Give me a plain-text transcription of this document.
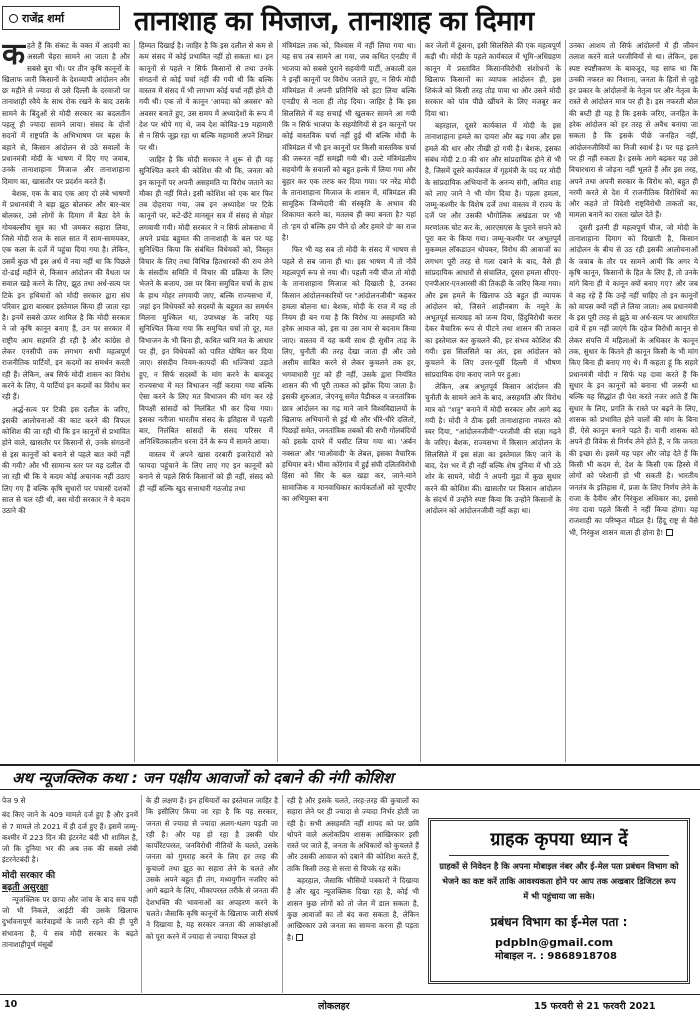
राजेंद्र शर्मा	तानाशाह का मिजाज, तानाशाह का दिमाग

कहते हैं कि संकट के वक्त में आदमी का असली चेहरा सामने आ जाता है और सबसे बुरा भी। पर तीन कृषि कानूनों के खिलाफ जारी किसानों के देशव्यापी आंदोलन और छः महीने से ज्यादा से उसे दिल्ली के दरवाजों पर तानाशाही रवैये के साथ रोक रखने के बाद उसके सामने के बिंदुओं से मोदी सरकार का बदलतीन पहलू ही ज्यादा सामने लाया। संसद के दोनों सदनों में राष्ट्रपति के अभिभाषण पर बहस के बहाने से, किसान आंदोलन से उठे सवालों के प्रधानमंत्री मोदी के भाषण में दिए गए जवाब, उनके तानाशाहाना मिजाज और तानाशाहाना दिमाग का, खासतौर पर प्रदर्शन करते हैं।

बेशक, एक के बाद एक आए दो लंबे भाषणों में प्रधानमंत्री ने बड़ा झूठ बोलकर और बार-बार बोलकर, उसे लोगों के दिमाग में बैठा देने के गोयबल्सीय सूत्र का भी जमकर सहारा लिया, जिसे मोदी राज के साल सात में साम-सामयकर, एक कला के दर्जे में पहुंचा दिया गया है। लेकिन, उसमें कुछ भी इस अर्थ में नया नहीं था कि पिछले दो-ढाई महीने से, किसान आंदोलन की वैधता पर सवाल खड़े करने के लिए, झूठ तथा अर्ध-सत्य पर टिके इन हथियारों को मोदी सरकार द्वारा संघ परिवार द्वारा बारबार इस्तेमाल किया ही जाता रहा है। इनमें सबसे ऊपर शामिल है कि मोदी सरकार ने जो कृषि कानून बनाए हैं, उन पर सरकार में राष्ट्रीय आम सहमति ही रही है और कांग्रेस से लेकर एनसीपी तक लगभग सभी महत्वपूर्ण राजनीतिक पार्टियों, इन कदमों का समर्थन करती रही हैं। लेकिन, अब सिर्फ मोदी शासन का विरोध करने के लिए, ये पार्टियां इन कदमों का विरोध कर रही हैं।

अर्द्ध-सत्य पर टिकी इस दलील के जरिए, इसकी आलोचनाओं की काट करने की विफल कोशिश की जा रही थी कि इन कानूनों से प्रभावित होने वाले, खासतौर पर किसानों से, उनके संगठनों से इस कानूनों को बनाने से पहले बात क्यों नहीं की गयी? और भी सामान्य स्तर पर यह दलील दी जा रही थी कि ये कदम कोई अचानक नहीं उठाए लिए गए हैं बल्कि कृषि सुधारों पर पचासों दशकों साल से चल रही थी, बस मोदी सरकार ने ये कदम उठाने की

हिम्मत दिखाई है। जाहिर है कि इस दलील से कम से कम संसद में कोई प्रभावित नहीं हो सकता था। इन कानूनों से पहले न सिर्फ किसानों से तथा उनके संगठनों से कोई चर्चा नहीं की गयी थी कि बल्कि वास्तव में संसद में भी लगभग कोई चर्चा नहीं होने दी गयी थी। एक तो ये कानून 'आपदा को अवसर' को अवसर बनाते हुए, उस समय में अध्यादेशों के रूप में देश पर थोपे गए थे, जब देश कोविड-19 महामारी से न सिर्फ जूझ रहा था बल्कि महामारी अपने शिखर पर थी।

जाहिर है कि मोदी सरकार ने शुरू से ही यह सुनिश्चित करने की कोशिश की थी कि, जनता को इन कानूनों पर अपनी असहमति या विरोध जताने का मौका ही नहीं मिले। इसी कोशिश को एक बार फिर तब दोहराया गया, जब इन अध्यादेश पर टिके कानूनों पर, कटे-छँटे मानसून सत्र में संसद से मोहर लगवायी गयी। मोदी सरकार ने न सिर्फ लोकसभा में अपने प्रचंड बहुमत की तानाशाही के बल पर यह सुनिश्चित किया कि संबंधित विधेयकों को, विस्तृत विचार के लिए तथा विभिन्न हितधारकों की राय लेने के संसदीय समिति में विचार की प्रक्रिया के लिए भेजने के बजाय, उस पर बिना समुचित चर्चा के हाथ के हाथ मोहर लगवायी जाए, बल्कि राज्यसभा में, जहां इन विधेयकों को सदस्यों के बहुमत का समर्थन मिलना मुश्किल था, उपाध्यक्ष के जरिए यह सुनिश्चित किया गया कि समुचित चर्चा तो दूर, मत विभाजन के भी बिना ही, कथित ध्वनि मत के आधार पर ही, इन विधेयकों को पारित घोषित कर दिया जाए। संसदीय नियम-कायदों की धज्जियां उड़ाते हुए, न सिर्फ सदस्यों के मांग करने के बावजूद राज्यसभा में मत विभाजन नहीं कराया गया बल्कि ऐसा करने के लिए मत विभाजन की मांग कर रहे विपक्षी सांसदों को निलंबित भी कर दिया गया। इसका नतीजा भारतीय संसद के इतिहास में पहली बार, निलंबित सांसदों के संसद परिसर में अनिश्चितकालीन धरना देने के रूप में सामने आया।

वास्तव में अपने खास दरबारी इजारेदारों को फायदा पहुंचाने के लिए लाए गए इन कानूनों को बनाने से पहले सिर्फ किसानों को ही नहीं, संसद को ही नहीं बल्कि खुद सत्ताधारी गठजोड़ तथा

मंत्रिमंडल तक को, विश्वास में नहीं लिया गया था। यह सच तब सामने आ गया, जब कथित एनडीए में भाजपा को सबसे पुराने सहयोगी पार्टी, अकाली दल ने इन्हीं कानूनों पर विरोध जताते हुए, न सिर्फ मोदी मंत्रिमंडल में अपनी प्रतिनिधि को हटा लिया बल्कि एनडीए से नाता ही तोड़ दिया। जाहिर है कि इस सिलसिले में यह सचाई भी खुलकर सामने आ गयी कि न सिर्फ भाजपा के सहयोगियों से इन कानूनों पर कोई वास्तविक चर्चा नहीं हुई थी बल्कि मोदी के मंत्रिमंडल में भी इन कानूनों पर किसी वास्तविक चर्चा की जरूरत नहीं समझी गयी थी। उल्टे मंत्रिमंडलीय सहयोगी के सवालों को बहुत हल्के में लिया गया और बुहार कर एक तरफ कर दिया गया। पर नरेंद्र मोदी के तानाशाहाना मिजाज के शासन में, मंत्रिमंडल की सामूहिक जिम्मेदारी की संस्कृति के अभाव की शिकायत करने का, मतलब ही क्या बनता है? यहां तो 'हम दो बल्कि हम पीने दो और हमारे दो' का राज है!

फिर भी यह सब तो मोदी के संसद में भाषण से पहले से सब जाना ही था। इस भाषण में तो नौवें महत्वपूर्ण रूप से नया थी। पहली नयी चीज तो मोदी के तानाशाहाना मिजाज को दिखाती है, उनका किसान आंदोलनकारियों पर "आंदोलनजीवी" कहकर हमला बोलना था। बेशक, मोदी के राज में यह तो नियम ही बन गया है कि विरोध या असहमति को हरेक आवाज को, इस या उस नाम से बदनाम किया जाए। वास्तव में यह कमी साथ ही सुधीन ताड़ के लिए, चुनौती की तरह देखा जाता ही और उसे असीम साबित करने से लेकर कुचलने तक हर, भगवाधारी गुट को ही नहीं, उसके द्वारा नियंत्रित शासन की भी पूरी ताकत को झोंक दिया जाता है। इसकी शुरुआत, जेएनयू समेत पैडीकल व जनतांत्रिक छात्र आंदोलन का गढ़ माने जाने विश्वविद्यालयों के खिलाफ अभियानों से हुई थी और धीरे-धीरे दलितों, पिछड़ों समेत, जनतांत्रिक तबकों की सभी गोलबंदियों को इसके दायरे में घसीट लिया गया था। 'अर्बन नक्सल' और 'माओवादी' के लेबल, इसका वैचारिक हथियार बने। भीमा कोरेगांव में हुई संघी दलितविरोधी हिंसा को सिर के बल खड़ा कर, जाने-माने सामाजिक व मानवाधिकार कार्यकर्ताओं को यूएपीए का अभियुक्त बना

कर जेलों में ठूंसना, इसी सिलसिले की एक महत्वपूर्ण कड़ी थी। मोदी के पहले कार्यकाल में भूमि-अधिग्रहण कानून में प्रस्तावित किसानविरोधी संशोधनों के खिलाफ किसानों का व्यापक आंदोलन ही, इस शिकंजे को किसी तरह तोड़ पाया था और उसने मोदी सरकार को पांव पीछे खींचने के लिए मजबूर कर दिया था।

बहरहाल, दूसरे कार्यकाल में मोदी के इस तानाशाहाना हमले का दायरा और बढ़ गया और इस हमले की धार और तीखी हो गयी है। बेशक, इसका संबंध मोदी 2.0 की धार और सांप्रदायिक होने से भी है, जिसमें दूसरे कार्यकाल में गृहमंत्री के पद पर मोदी के सांप्रदायिक अभियानों के अनन्य संगी, अमित शाह को लाए जाने ने भी योग दिया है। पहला हमला, जम्मू-कश्मीर के विशेष दर्जे तथा वास्तव में राज्य के दर्जे पर और उसकी भौगोलिक अखंडता पर भी मरणांतक चोट कर के, आरएसएस के पुराने सपने को पूरा कर के किया गया। जम्मू-कश्मीर पर अभूतपूर्व मुकम्मल लॉकडाउन थोपकर, विरोध की आवाजों का लगभग पूरी तरह से गला दबाने के बाद, वैसे ही सांप्रदायिक आधारों से संचालित, दूसरा हमला सीएए-एनपीआर-एनआरसी की तिकड़ी के जरिए किया गया। और इस हमले के खिलाफ उठे बहुत ही व्यापक आंदोलन को, जिसने शाहीनबाग के नमूने के अभूतपूर्व सत्याग्रह को जन्म दिया, हिंदुविरोधी करार देकर वैचारिक रूप से पीटने तथा शासन की ताकत का इस्तेमाल कर कुचलने की, हर संभव कोशिश की गयी। इस सिलसिले का अंत, इस आंदोलन को कुचलने के लिए उत्तर-पूर्वी दिल्ली में भीषण सांप्रदायिक दंगा कराए जाने पर हुआ।

लेकिन, अब अभूतपूर्व किसान आंदोलन की चुनौती के सामने आने के बाद, असहमति और विरोध मात्र को "शत्रु" बनाने में मोदी सरकार और आगे बढ़ गयी है। मोदी ने ठीक इसी तानाशाहाना नफरत को स्वर दिया, "आंदोलनजीवी"-परजीवी की संज्ञा गढ़ने के जरिए। बेशक, राज्यसभा में किसान आंदोलन के सिलसिले में इस संज्ञा का इस्तेमाल किए जाने के बाद, देश भर में ही नहीं बल्कि शेष दुनिया में भी उठे शोर के सामने, मोदी ने अपनी मुद्रा में कुछ सुधार करने की कोशिश की। खासतौर पर किसान आंदोलन के संदर्भ में उन्होंने स्पष्ट किया कि उन्होंने किसानों के आंदोलन को आंदोलनजीवी नहीं कहा था।

उनका आशय तो सिर्फ आंदोलनों में ही जीवन तलाश करने वाले परजीवियों से था। लेकिन, इस स्पष्ट स्पष्टीकरण के बावजूद, यह साफ था कि उनकी नफरत का निशाना, जनता के हितों से जुड़े हर प्रकार के आंदोलनों के नेतृत्व पर और नेतृत्व के रास्ते से आंदोलन मात्र पर ही है। इस नफरती बोल की बघ्टी ही यह है कि इसके जरिए, जनहित के हरेक आंदोलन को हर तरह से अवैध बनाया जा सकता है कि इसके पीछे जनहित नहीं, आंदोलनजीवियों का निजी स्वार्थ है। पर यह इतने पर ही नहीं रुकता है। इसके आगे बढ़कर यह उसे विचारधारा से जोड़ना नहीं भूलते हैं और इस तरह, अपने तथा अपनी सरकार के विरोध को, बहुत ही नरमी करते से देश में राजनीतिक विरोधियों का और कहते तो विदेशी राष्ट्रविरोधी ताकतों का, मामला बनाने का रास्ता खोल देते हैं।

दूसरी इतनी ही महत्वपूर्ण चीज, जो मोदी के तानाशाहाना दिमाग को दिखाती है, किसान आंदोलन के बीच से उठ रही इसकी आलोचनाओं के जवाब के तौर पर सामने आयी कि अगर ये कृषि कानून, किसानों के हित के लिए हैं, तो उनके मांगे बिना ही ये कानून क्यों बनाए गए? और जब वे कह रहे हैं कि उन्हें नहीं चाहिए तो इन कानूनों को वापस क्यों नहीं ले लिया जाता। अब प्रधानमंत्री के इस पूरी तरह से झूठे या अर्ध-सत्य पर आधारित दावे में हम नहीं जाएंगे कि दहेज विरोधी कानून से लेकर संपत्ति में महिलाओं के अधिकार के कानून तक, सुधार के कितने ही कानून किसी के भी मांग किए बिना ही बनाए गए थे। मैं कहता हूं कि सहारे प्रधानमंत्री मोदी न सिर्फ यह दावा करते हैं कि सुधार के इन कानूनों को बनाना भी जरूरी था बल्कि यह सिद्धांत ही पेश करते नजर आते हैं कि सुधार के लिए, प्रगति के रास्ते पर बढ़ने के लिए, शासक को प्रभावित होने वालों की मांग के बिना ही, ऐसे कानून बनाने पड़ते हैं। यानी शासक को अपने ही विवेक से निर्णय लेने होते हैं, न कि जनता की इच्छा से। इसमें यह पहर और जोड़ देते हैं कि किसी भी कदम से, देश के किसी एक हिस्से में लोगों को परेशानी हो भी सकती है। भारतीय जनतंत्र के इतिहास में, प्रजा के लिए निर्णय लेने के राजा के दैवीय और निरंकुश अधिकार का, इससे नंगा दावा पहले किसी ने नहीं किया होगा। यह राजशाही का परिष्कृत मॉडल है। हिंदू राष्ट्र से वैसे भी, निरंकुश शासन वाला ही होना है!

अथ न्यूजक्लिक कथा : जन पक्षीय आवाजों को दबाने की नंगी कोशिश

पेज 9 से

बंद किए जाने के 409 मामले दर्ज हुए हैं और इनमें से 7 मामले तो 2021 में ही दर्ज हुए हैं। इसमें जम्मू-कश्मीर में 223 दिन की इंटरनेट बंदी भी शामिल है, जो कि दुनिया भर की अब तक की सबसे लंबी इंटरनेटबंदी है।

मोदी सरकार की
बढ़ती असुरक्षा

न्यूजक्लिक पर छापा और जांच के बाद सच यही जो भी निकले, आईटी की उसके खिलाफ दुर्भावनापूर्ण कार्रवाइयों के जारी रहने की ही पूरी संभावना है, ये सब मोदी सरकार के बढ़ते तानाशाहीपूर्ण मंसूबों

के ही लक्षण हैं। इन हथियारों का इस्तेमाल जाहिर है कि इसीलिए किया जा रहा है कि यह सरकार, जनता से ज्यादा से ज्यादा अलग-थलग पड़ती जा रही है। और यह हो रहा है उसकी घोर कार्पोरेटपरस्त, जनविरोधी नीतियों के चलते, उसके जनता को गुमराह करने के लिए हर तरह की कुचालों तथा झूठ का सहारा लेने के चलते और उसके अपने बहुत ही तंग, मध्ययुगीन नजरिए को आगे बढ़ाने के लिए, मौकापरस्त तरीके से जनता की देशभक्ति की भावनाओं का अपहरण करने के चलते। जैसाकि कृषि कानूनों के खिलाफ जारी संघर्ष ने दिखाया है, यह सरकार जनता की आकांक्षाओं को पूरा करने में ज्यादा से ज्यादा विफल हो

रही है और इसके चलते, तरह-तरह की कुचालों का सहारा लेने पर ही ज्यादा से ज्यादा निर्भर होती जा रही है। सभी असहमति नहीं शायद को पर छवि थोपने वाले अलोकप्रिय शासक आखिरकार इसी रास्ते पर जाते हैं, जनता के अधिकारों को कुचलते हैं और उसकी आवाज को दबाने की कोशिश करते हैं, ताकि किसी तरह से सत्ता से चिपके रह सकें।

बहरहाल, जैसाकि भीसियों पत्रकारों ने दिखाया है और खुद न्यूजक्लिक दिखा रहा है, कोई भी शासन कुछ लोगों को तो जेल में डाल सकता है, कुछ आवाजों का तो बंद करा सकता है, लेकिन आखिरकार उसे जनता का सामना करना ही पड़ता है।

ग्राहक कृपया ध्यान दें
ग्राहकों से निवेदन है कि अपना मोबाइल नंबर और ई-मेल पता प्रबंधन विभाग को भेजने का कष्ट करें ताकि आवश्यकता होने पर आप तक अखबार डिजिटल रूप में भी पहुंचाया जा सके।
प्रबंधन विभाग का ई-मेल पता :
pdpbln@gmail.com
मोबाइल न. : 9868918708
10	लोकलहर	15 फरवरी से 21 फरवरी 2021
